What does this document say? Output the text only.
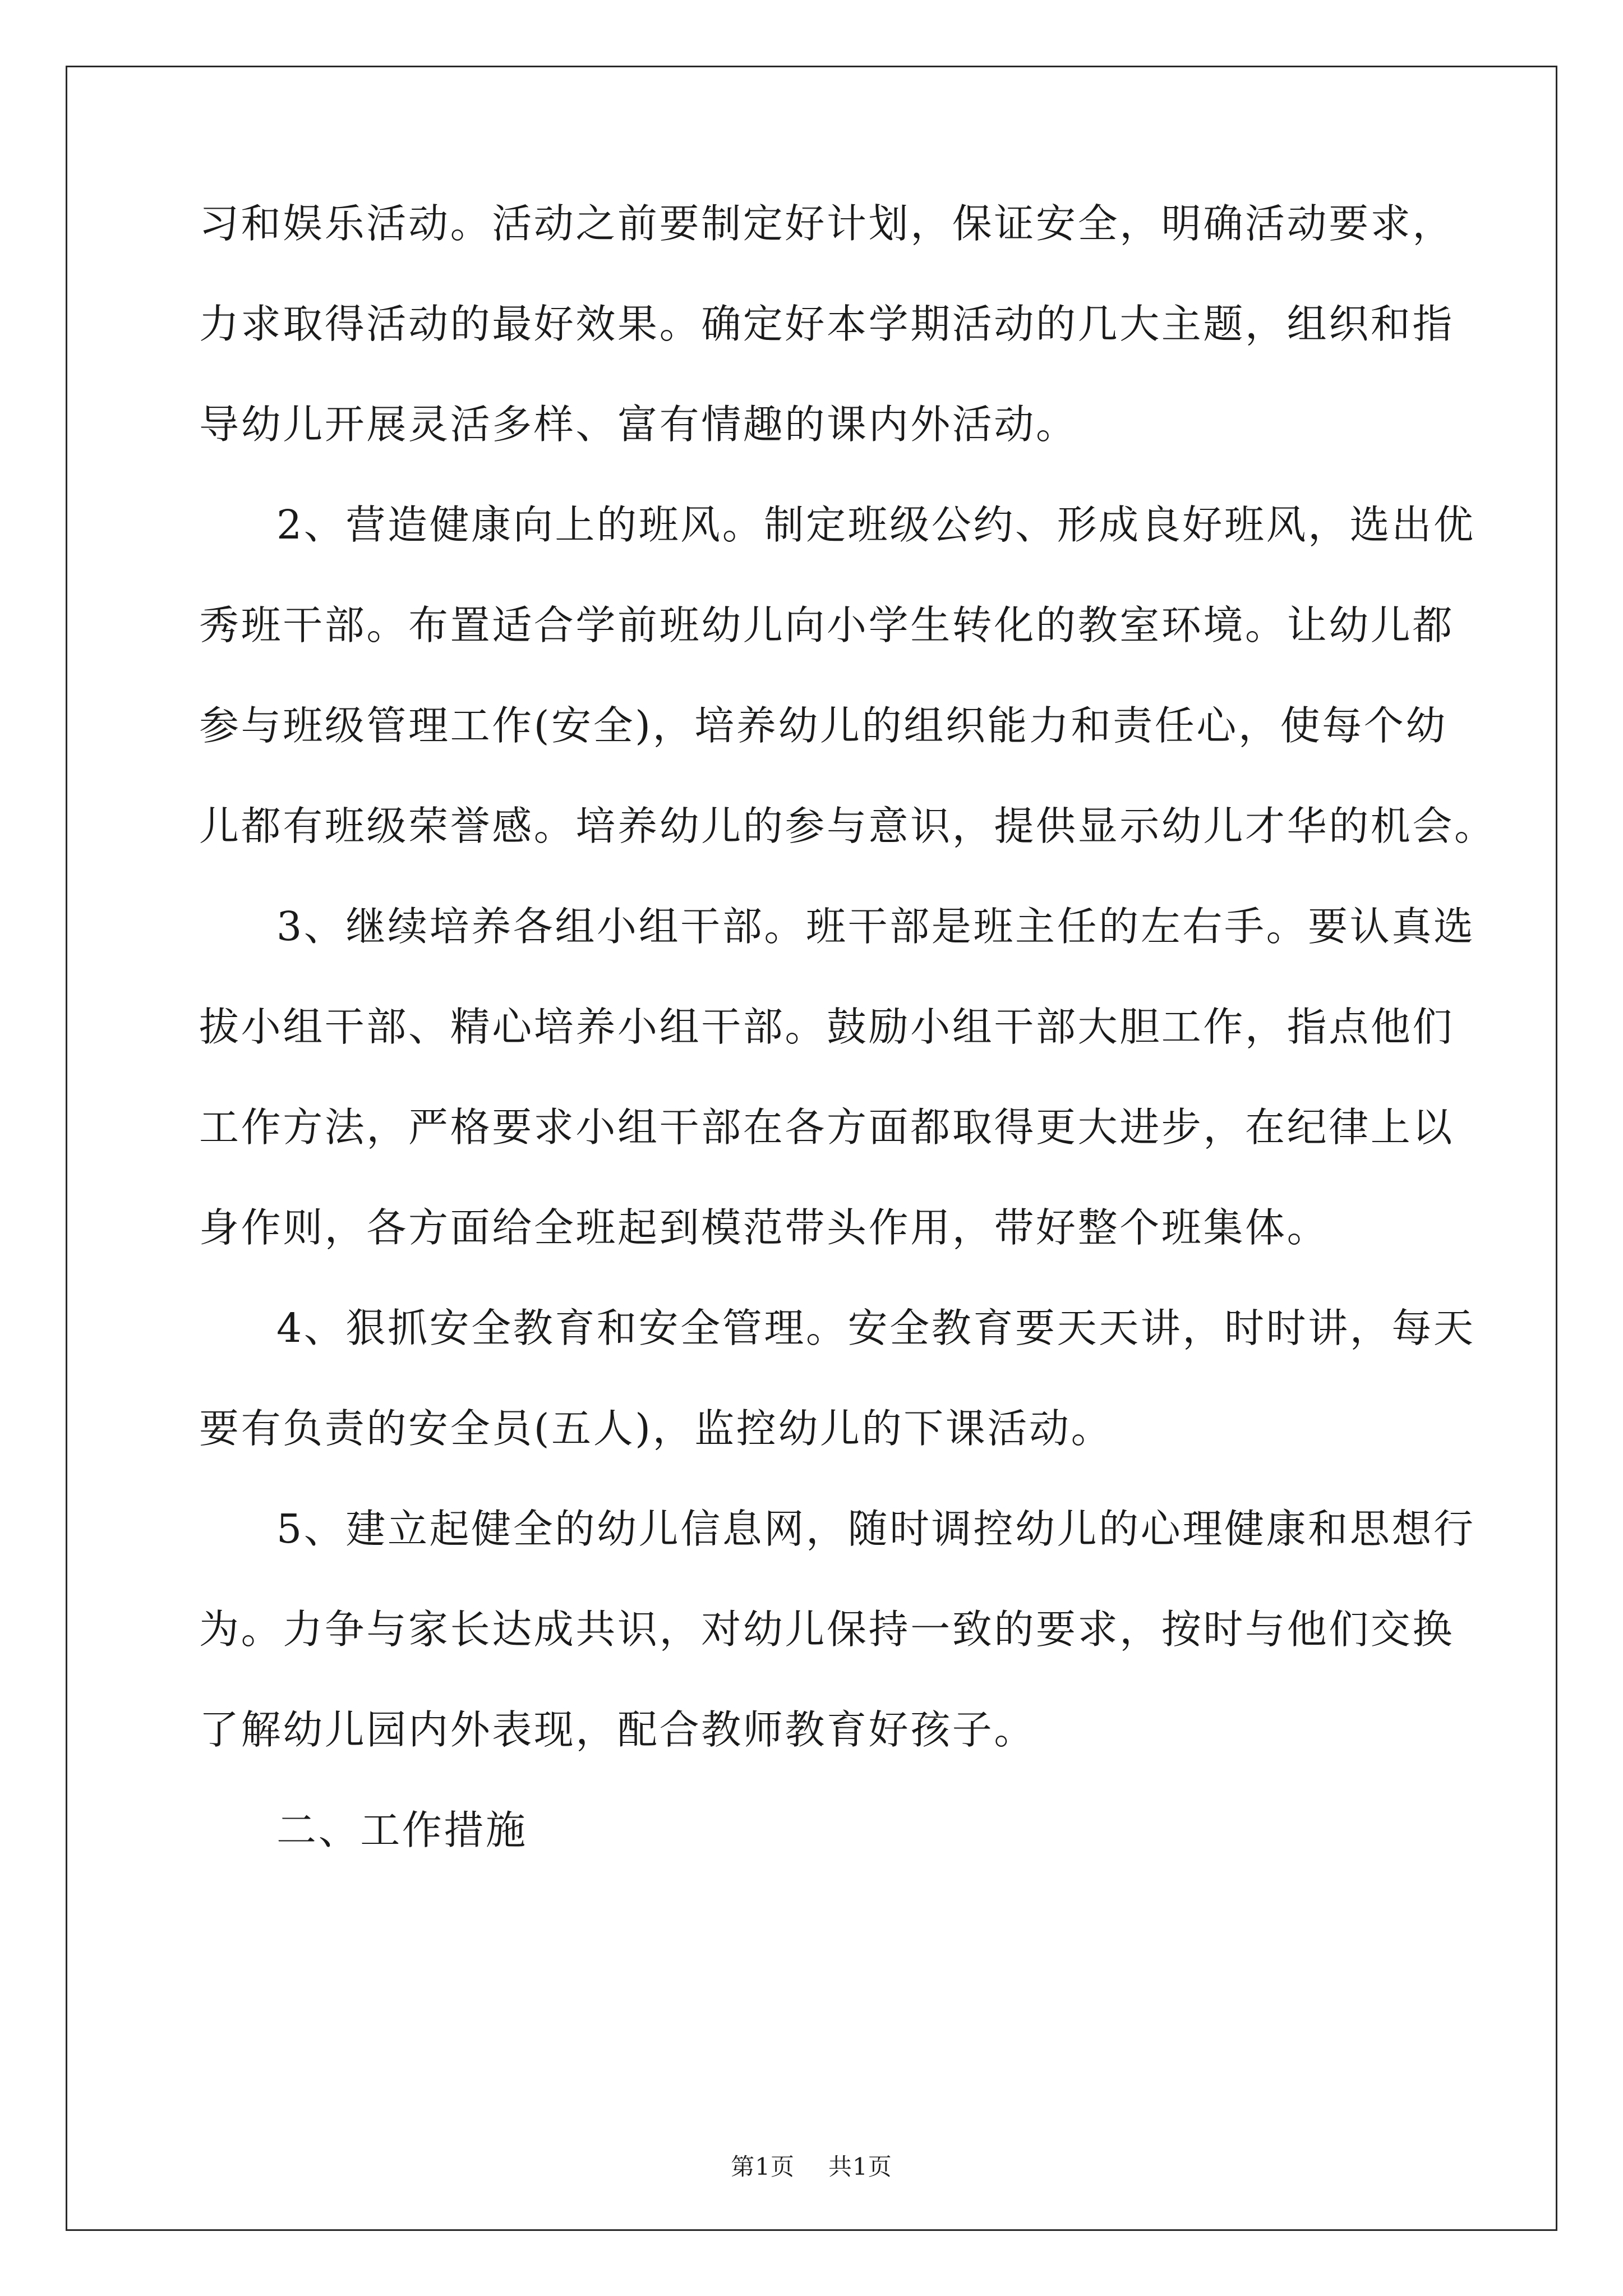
习和娱乐活动。活动之前要制定好计划，保证安全，明确活动要求，

力求取得活动的最好效果。确定好本学期活动的几大主题，组织和指

导幼儿开展灵活多样、富有情趣的课内外活动。

2、营造健康向上的班风。制定班级公约、形成良好班风，选出优

秀班干部。布置适合学前班幼儿向小学生转化的教室环境。让幼儿都

参与班级管理工作(安全)，培养幼儿的组织能力和责任心，使每个幼

儿都有班级荣誉感。培养幼儿的参与意识，提供显示幼儿才华的机会。

3、继续培养各组小组干部。班干部是班主任的左右手。要认真选

拔小组干部、精心培养小组干部。鼓励小组干部大胆工作，指点他们

工作方法，严格要求小组干部在各方面都取得更大进步，在纪律上以

身作则，各方面给全班起到模范带头作用，带好整个班集体。

4、狠抓安全教育和安全管理。安全教育要天天讲，时时讲，每天

要有负责的安全员(五人)，监控幼儿的下课活动。

5、建立起健全的幼儿信息网，随时调控幼儿的心理健康和思想行

为。力争与家长达成共识，对幼儿保持一致的要求，按时与他们交换

了解幼儿园内外表现，配合教师教育好孩子。

二、工作措施

第1页 共1页
